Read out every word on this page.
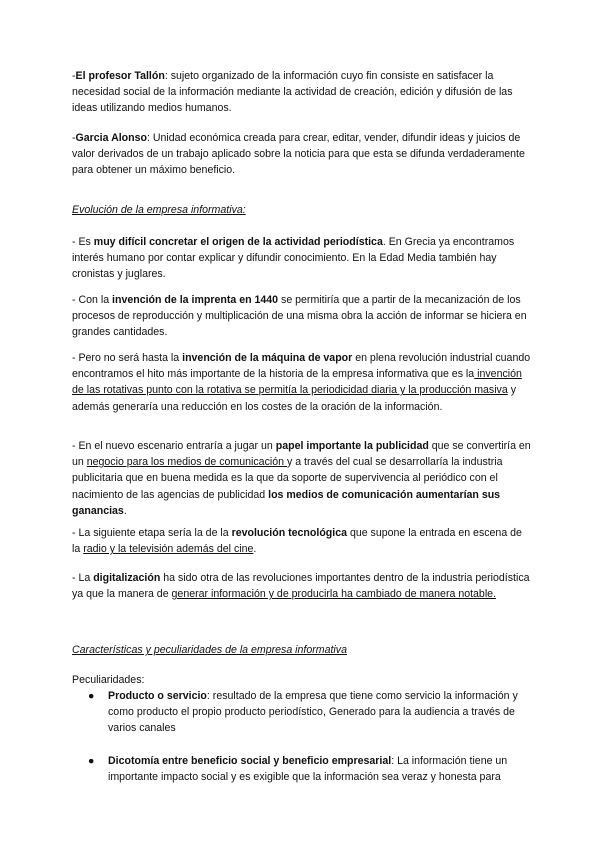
-El profesor Tallón: sujeto organizado de la información cuyo fin consiste en satisfacer la necesidad social de la información mediante la actividad de creación, edición y difusión de las ideas utilizando medios humanos.

-Garcia Alonso: Unidad económica creada para crear, editar, vender, difundir ideas y juicios de valor derivados de un trabajo aplicado sobre la noticia para que esta se difunda verdaderamente para obtener un máximo beneficio.

Evolución de la empresa informativa:

- Es muy difícil concretar el origen de la actividad periodística. En Grecia ya encontramos interés humano por contar explicar y difundir conocimiento. En la Edad Media también hay cronistas y juglares.

- Con la invención de la imprenta en 1440 se permitiría que a partir de la mecanización de los procesos de reproducción y multiplicación de una misma obra la acción de informar se hiciera en grandes cantidades.

- Pero no será hasta la invención de la máquina de vapor en plena revolución industrial cuando encontramos el hito más importante de la historia de la empresa informativa que es la invención de las rotativas punto con la rotativa se permitía la periodicidad diaria y la producción masiva y además generaría una reducción en los costes de la oración de la información.

- En el nuevo escenario entraría a jugar un papel importante la publicidad que se convertiría en un negocio para los medios de comunicación y a través del cual se desarrollaría la industria publicitaria que en buena medida es la que da soporte de supervivencia al periódico con el nacimiento de las agencias de publicidad los medios de comunicación aumentarían sus ganancias.

- La siguiente etapa sería la de la revolución tecnológica que supone la entrada en escena de la radio y la televisión además del cine.

- La digitalización ha sido otra de las revoluciones importantes dentro de la industria periodística ya que la manera de generar información y de producirla ha cambiado de manera notable.

Características y peculiaridades de la empresa informativa

Peculiaridades:

● Producto o servicio: resultado de la empresa que tiene como servicio la información y como producto el propio producto periodístico, Generado para la audiencia a través de varios canales
● Dicotomía entre beneficio social y beneficio empresarial: La información tiene un importante impacto social y es exigible que la información sea veraz y honesta para
